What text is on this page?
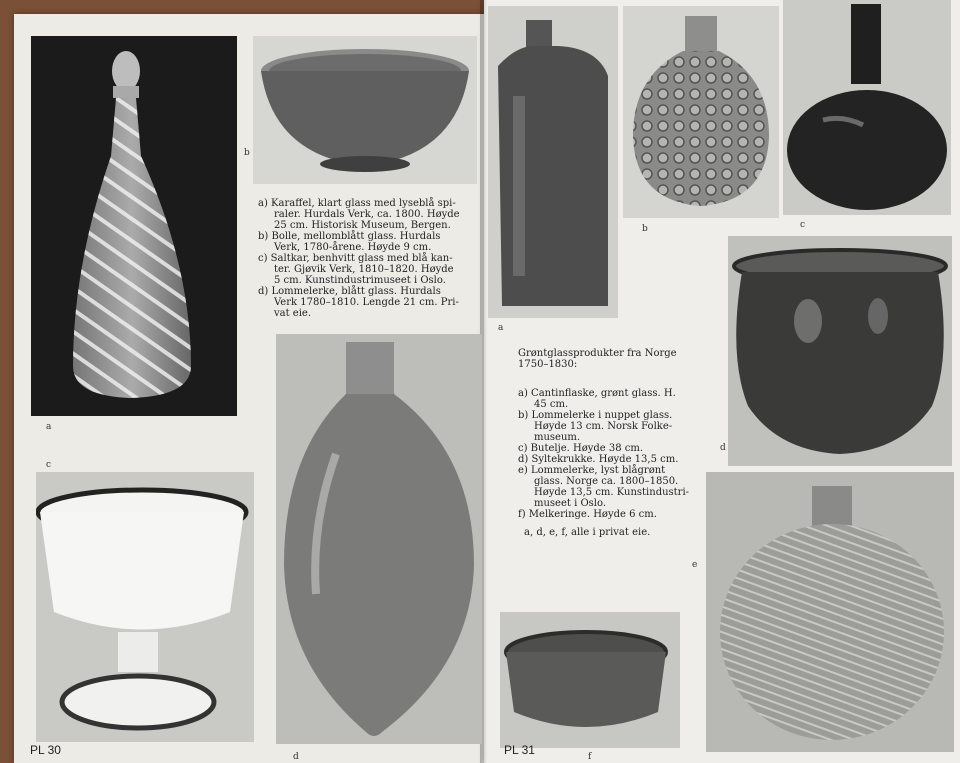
a
c
b
a) Karaffel, klart glass med lyseblå spi-
raler. Hurdals Verk, ca. 1800. Høyde
25 cm. Historisk Museum, Bergen.
b) Bolle, mellomblått glass. Hurdals
Verk, 1780-årene. Høyde 9 cm.
c) Saltkar, benhvitt glass med blå kan-
ter. Gjøvik Verk, 1810–1820. Høyde
5 cm. Kunstindustrimuseet i Oslo.
d) Lommelerke, blått glass. Hurdals
Verk 1780–1810. Lengde 21 cm. Pri-
vat eie.
d
PL 30
a
b	c
d
Grøntglassprodukter fra Norge
1750–1830:
a) Cantinflaske, grønt glass. H.
45 cm.
b) Lommelerke i nuppet glass.
Høyde 13 cm. Norsk Folke-
museum.
c) Butelje. Høyde 38 cm.
d) Syltekrukke. Høyde 13,5 cm.
e) Lommelerke, lyst blågrønt
glass. Norge ca. 1800–1850.
Høyde 13,5 cm. Kunstindustri-
museet i Oslo.
f) Melkeringe. Høyde 6 cm.
a, d, e, f, alle i privat eie.
e
f
PL 31
